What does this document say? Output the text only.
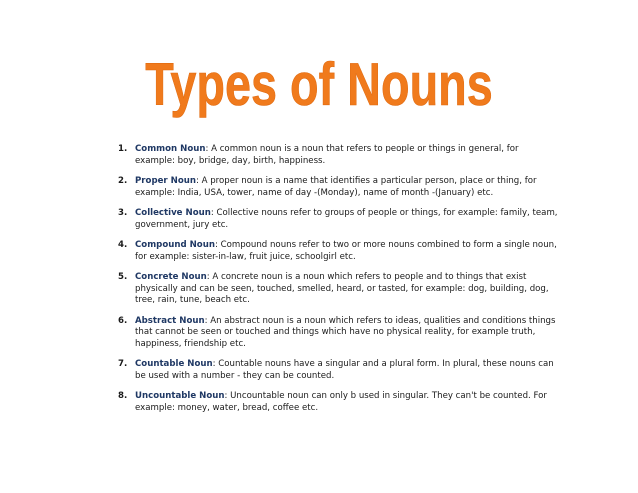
Types of Nouns
1. Common Noun: A common noun is a noun that refers to people or things in general, for example: boy, bridge, day, birth, happiness.
2. Proper Noun: A proper noun is a name that identifies a particular person, place or thing, for example: India, USA, tower, name of day -(Monday), name of month -(January) etc.
3. Collective Noun: Collective nouns refer to groups of people or things, for example: family, team, government, jury etc.
4. Compound Noun: Compound nouns refer to two or more nouns combined to form a single noun, for example: sister-in-law, fruit juice, schoolgirl etc.
5. Concrete Noun: A concrete noun is a noun which refers to people and to things that exist physically and can be seen, touched, smelled, heard, or tasted, for example: dog, building, dog, tree, rain, tune, beach etc.
6. Abstract Noun: An abstract noun is a noun which refers to ideas, qualities and conditions things that cannot be seen or touched and things which have no physical reality, for example truth, happiness, friendship etc.
7. Countable Noun: Countable nouns have a singular and a plural form. In plural, these nouns can be used with a number - they can be counted.
8. Uncountable Noun: Uncountable noun can only b used in singular. They can't be counted. For example: money, water, bread, coffee etc.
